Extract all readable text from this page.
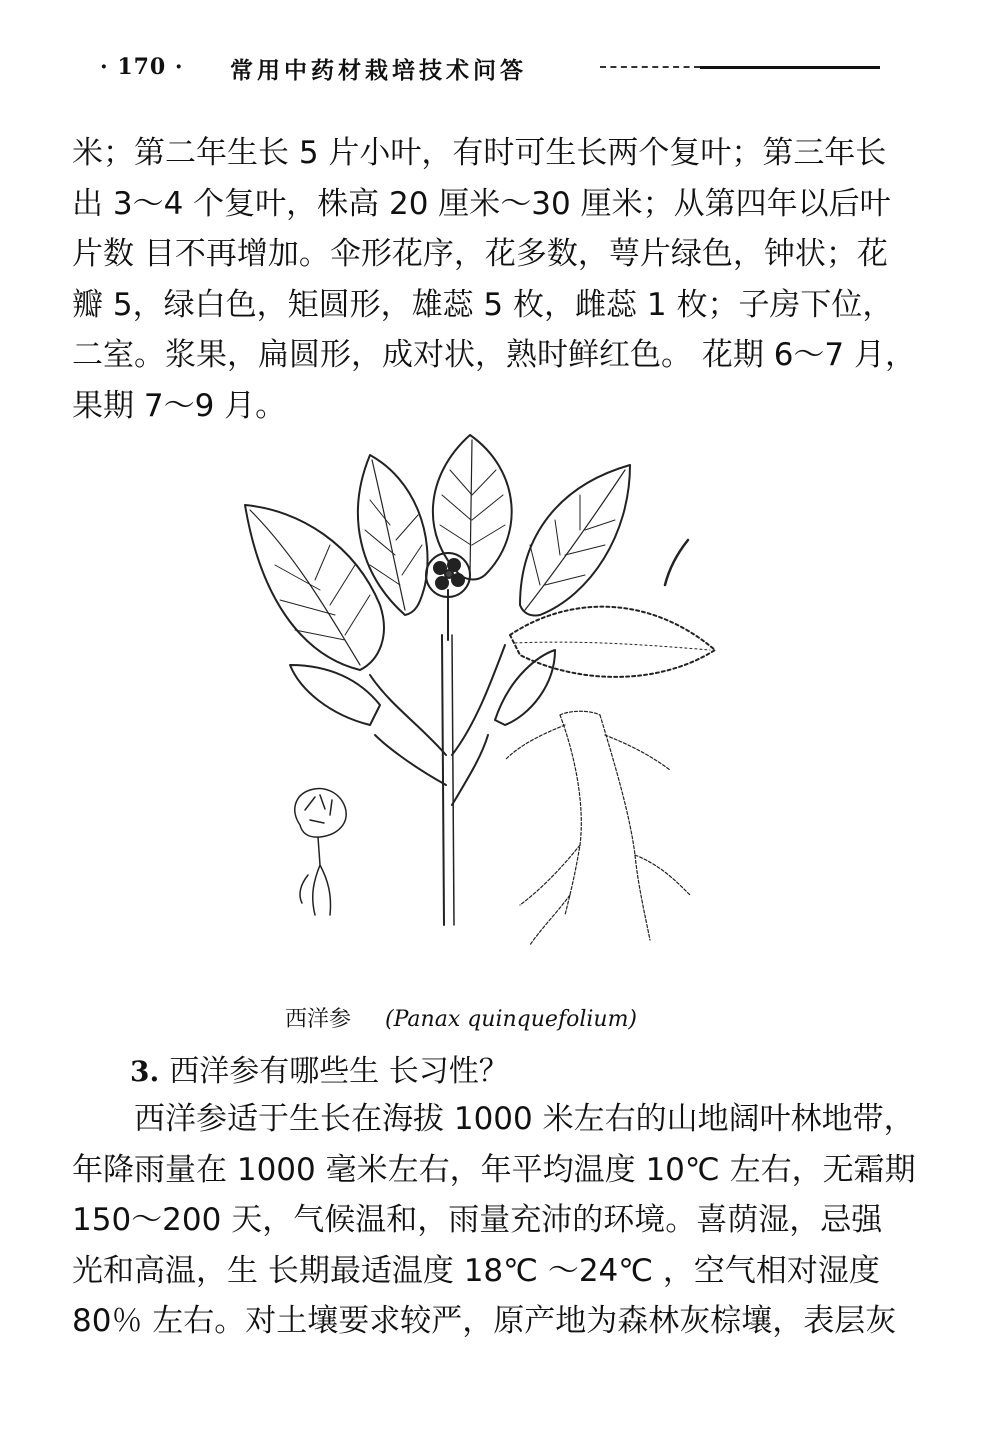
· 170 · 常用中药材栽培技术问答
米；第二年生长 5 片小叶，有时可生长两个复叶；第三年长
出 3～4 个复叶，株高 20 厘米～30 厘米；从第四年以后叶
片数 目不再增加。伞形花序，花多数，萼片绿色，钟状；花
瓣 5，绿白色，矩圆形，雄蕊 5 枚，雌蕊 1 枚；子房下位，
二室。浆果，扁圆形，成对状，熟时鲜红色。 花期 6～7 月，
果期 7～9 月。
西洋参 (Panax quinquefolium)
3. 西洋参有哪些生 长习性？
西洋参适于生长在海拔 1000 米左右的山地阔叶林地带，
年降雨量在 1000 毫米左右，年平均温度 10℃ 左右，无霜期
150～200 天，气候温和，雨量充沛的环境。喜荫湿，忌强
光和高温，生 长期最适温度 18℃ ～24℃ ，空气相对湿度
80％ 左右。对土壤要求较严，原产地为森林灰棕壤，表层灰
